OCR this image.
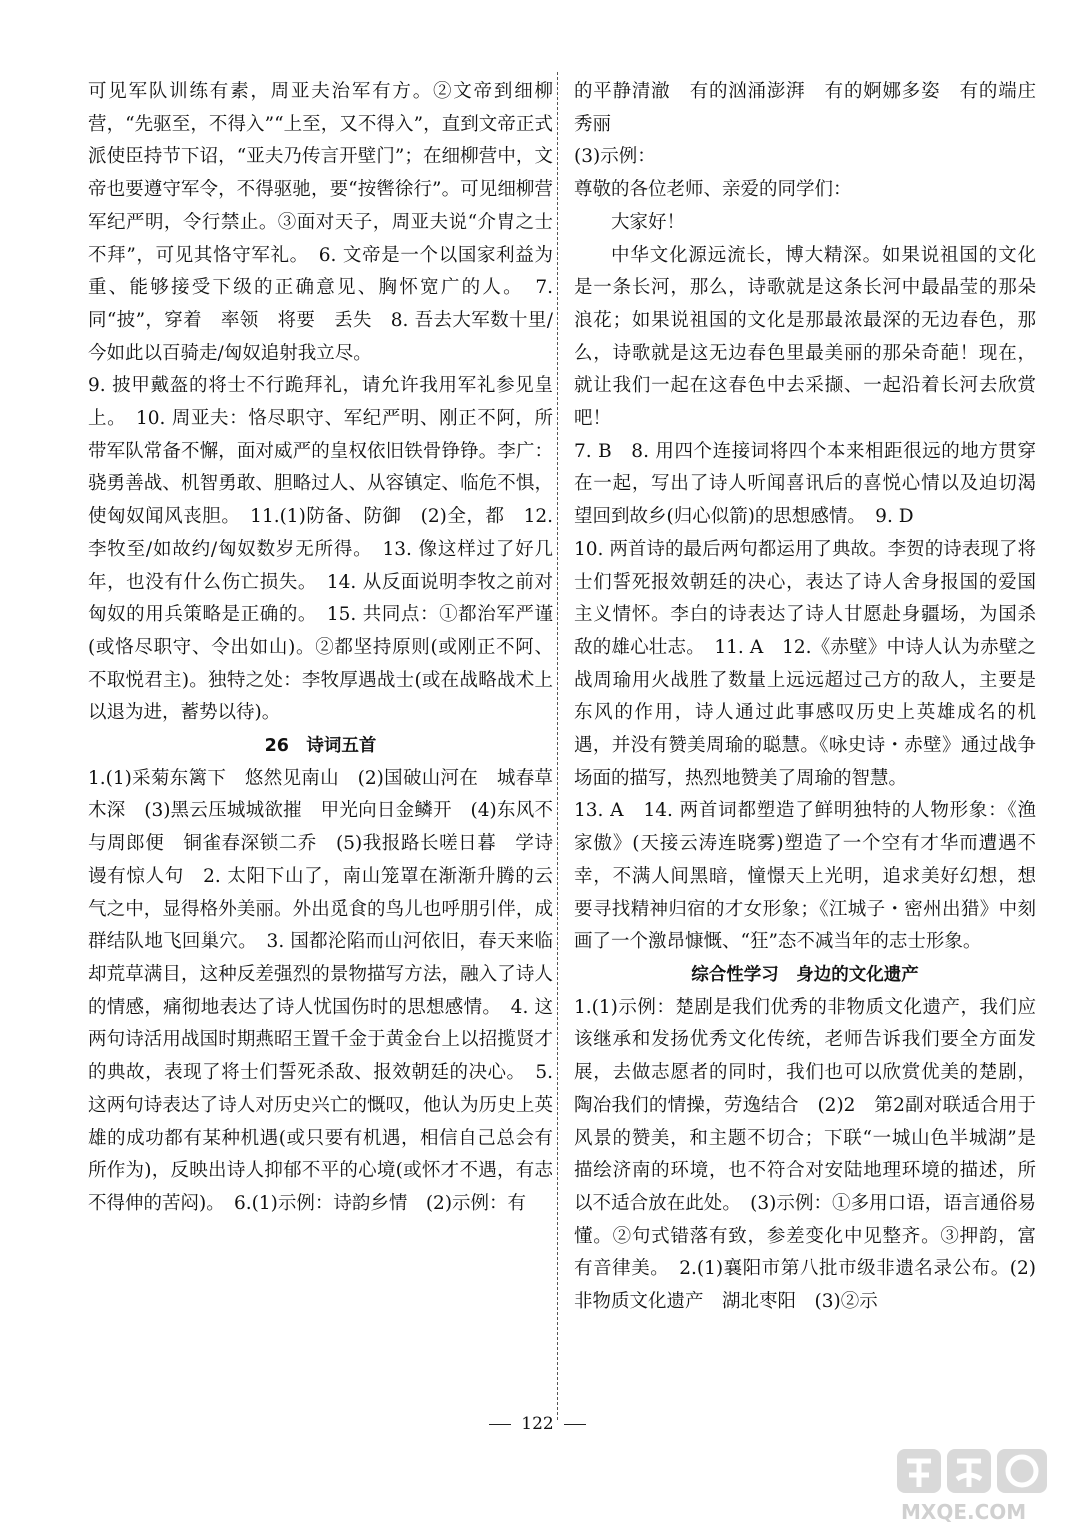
可见军队训练有素，周亚夫治军有方。②文帝到细柳营，“先驱至，不得入”“上至，又不得入”，直到文帝正式派使臣持节下诏，“亚夫乃传言开壁门”；在细柳营中，文帝也要遵守军令，不得驱驰，要“按辔徐行”。可见细柳营军纪严明，令行禁止。③面对天子，周亚夫说“介胄之士不拜”，可见其恪守军礼。　6. 文帝是一个以国家利益为重、能够接受下级的正确意见、胸怀宽广的人。　7. 同“披”，穿着　率领　将要　丢失　8. 吾去大军数十里/今如此以百骑走/匈奴追射我立尽。

9. 披甲戴盔的将士不行跪拜礼，请允许我用军礼参见皇上。　10. 周亚夫：恪尽职守、军纪严明、刚正不阿，所带军队常备不懈，面对威严的皇权依旧铁骨铮铮。李广：骁勇善战、机智勇敢、胆略过人、从容镇定、临危不惧，使匈奴闻风丧胆。　11.(1)防备、防御　(2)全，都　12. 李牧至/如故约/匈奴数岁无所得。　13. 像这样过了好几年，也没有什么伤亡损失。　14. 从反面说明李牧之前对匈奴的用兵策略是正确的。　15. 共同点：①都治军严谨(或恪尽职守、令出如山)。②都坚持原则(或刚正不阿、不取悦君主)。独特之处：李牧厚遇战士(或在战略战术上以退为进，蓄势以待)。

26　诗词五首

1.(1)采菊东篱下　悠然见南山　(2)国破山河在　城春草木深　(3)黑云压城城欲摧　甲光向日金鳞开　(4)东风不与周郎便　铜雀春深锁二乔　(5)我报路长嗟日暮　学诗谩有惊人句　2. 太阳下山了，南山笼罩在渐渐升腾的云气之中，显得格外美丽。外出觅食的鸟儿也呼朋引伴，成群结队地飞回巢穴。　3. 国都沦陷而山河依旧，春天来临却荒草满目，这种反差强烈的景物描写方法，融入了诗人的情感，痛彻地表达了诗人忧国伤时的思想感情。　4. 这两句诗活用战国时期燕昭王置千金于黄金台上以招揽贤才的典故，表现了将士们誓死杀敌、报效朝廷的决心。　5. 这两句诗表达了诗人对历史兴亡的慨叹，他认为历史上英雄的成功都有某种机遇(或只要有机遇，相信自己总会有所作为)，反映出诗人抑郁不平的心境(或怀才不遇，有志不得伸的苦闷)。　6.(1)示例：诗韵乡情　(2)示例：有

的平静清澈　有的汹涌澎湃　有的婀娜多姿　有的端庄秀丽

(3)示例：

尊敬的各位老师、亲爱的同学们：

大家好！

中华文化源远流长，博大精深。如果说祖国的文化是一条长河，那么，诗歌就是这条长河中最晶莹的那朵浪花；如果说祖国的文化是那最浓最深的无边春色，那么，诗歌就是这无边春色里最美丽的那朵奇葩！现在，就让我们一起在这春色中去采撷、一起沿着长河去欣赏吧！

7. B　8. 用四个连接词将四个本来相距很远的地方贯穿在一起，写出了诗人听闻喜讯后的喜悦心情以及迫切渴望回到故乡(归心似箭)的思想感情。　9. D

10. 两首诗的最后两句都运用了典故。李贺的诗表现了将士们誓死报效朝廷的决心，表达了诗人舍身报国的爱国主义情怀。李白的诗表达了诗人甘愿赴身疆场，为国杀敌的雄心壮志。　11. A　12.《赤壁》中诗人认为赤壁之战周瑜用火战胜了数量上远远超过己方的敌人，主要是东风的作用，诗人通过此事感叹历史上英雄成名的机遇，并没有赞美周瑜的聪慧。《咏史诗・赤壁》通过战争场面的描写，热烈地赞美了周瑜的智慧。

13. A　14. 两首词都塑造了鲜明独特的人物形象：《渔家傲》(天接云涛连晓雾)塑造了一个空有才华而遭遇不幸，不满人间黑暗，憧憬天上光明，追求美好幻想，想要寻找精神归宿的才女形象；《江城子・密州出猎》中刻画了一个激昂慷慨、“狂”态不减当年的志士形象。

综合性学习　身边的文化遗产

1.(1)示例：楚剧是我们优秀的非物质文化遗产，我们应该继承和发扬优秀文化传统，老师告诉我们要全方面发展，去做志愿者的同时，我们也可以欣赏优美的楚剧，陶冶我们的情操，劳逸结合　(2)2　第2副对联适合用于风景的赞美，和主题不切合；下联“一城山色半城湖”是描绘济南的环境，也不符合对安陆地理环境的描述，所以不适合放在此处。　(3)示例：①多用口语，语言通俗易懂。②句式错落有致，参差变化中见整齐。③押韵，富有音律美。　2.(1)襄阳市第八批市级非遗名录公布。(2)非物质文化遗产　湖北枣阳　(3)②示

122
MXQE.COM
